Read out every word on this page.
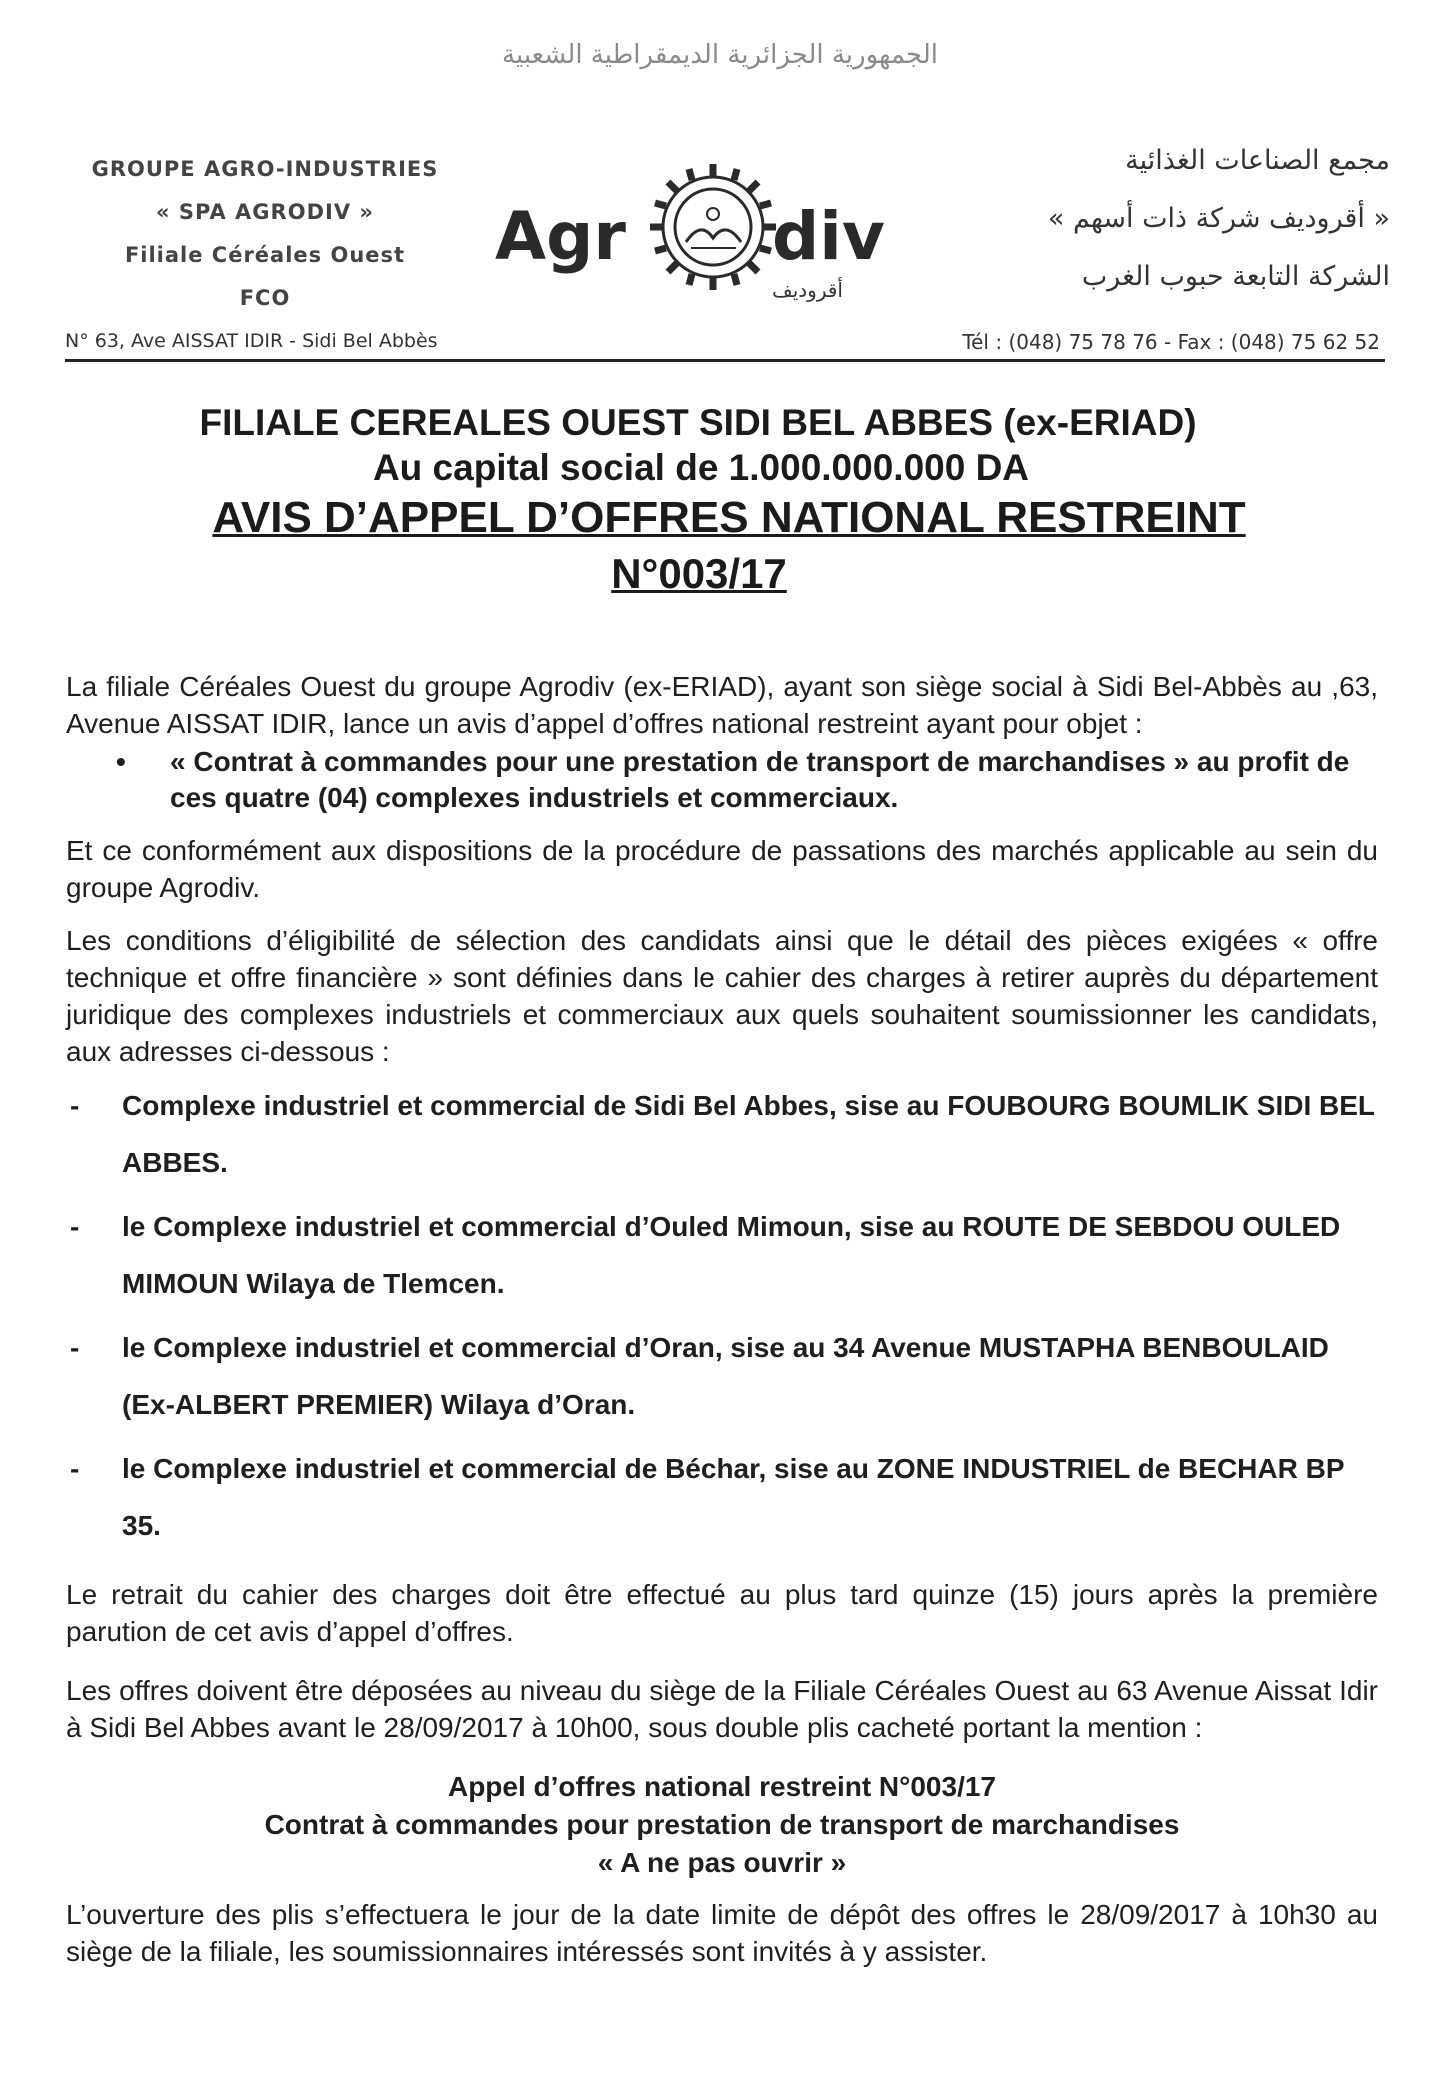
الجمهورية الجزائرية الديمقراطية الشعبية
GROUPE AGRO-INDUSTRIES
« SPA AGRODIV »
Filiale Céréales Ouest
FCO
Agr div
أقروديف
مجمع الصناعات الغذائية
« أقروديف شركة ذات أسهم »
الشركة التابعة حبوب الغرب
N° 63, Ave AISSAT IDIR - Sidi Bel Abbès	Tél : (048) 75 78 76 - Fax : (048) 75 62 52
FILIALE CEREALES OUEST SIDI BEL ABBES (ex-ERIAD)
Au capital social de 1.000.000.000 DA
AVIS D’APPEL D’OFFRES NATIONAL RESTREINT
N°003/17
La filiale Céréales Ouest du groupe Agrodiv (ex-ERIAD), ayant son siège social à Sidi Bel-Abbès au ,63, Avenue AISSAT IDIR, lance un avis d’appel d’offres national restreint ayant pour objet :
• « Contrat à commandes pour une prestation de transport de marchandises » au profit de ces quatre (04) complexes industriels et commerciaux.
Et ce conformément aux dispositions de la procédure de passations des marchés applicable au sein du groupe Agrodiv.
Les conditions d’éligibilité de sélection des candidats ainsi que le détail des pièces exigées « offre technique et offre financière » sont définies dans le cahier des charges à retirer auprès du département juridique des complexes industriels et commerciaux aux quels souhaitent soumissionner les candidats, aux adresses ci-dessous :
- Complexe industriel et commercial de Sidi Bel Abbes, sise au FOUBOURG BOUMLIK SIDI BEL ABBES.
- le Complexe industriel et commercial d’Ouled Mimoun, sise au ROUTE DE SEBDOU OULED MIMOUN Wilaya de Tlemcen.
- le Complexe industriel et commercial d’Oran, sise au 34 Avenue MUSTAPHA BENBOULAID (Ex-ALBERT PREMIER) Wilaya d’Oran.
- le Complexe industriel et commercial de Béchar, sise au ZONE INDUSTRIEL de BECHAR BP 35.
Le retrait du cahier des charges doit être effectué au plus tard quinze (15) jours après la première parution de cet avis d’appel d’offres.
Les offres doivent être déposées au niveau du siège de la Filiale Céréales Ouest au 63 Avenue Aissat Idir à Sidi Bel Abbes avant le 28/09/2017 à 10h00, sous double plis cacheté portant la mention :
Appel d’offres national restreint N°003/17
Contrat à commandes pour prestation de transport de marchandises
« A ne pas ouvrir »
L’ouverture des plis s’effectuera le jour de la date limite de dépôt des offres le 28/09/2017 à 10h30 au siège de la filiale, les soumissionnaires intéressés sont invités à y assister.
